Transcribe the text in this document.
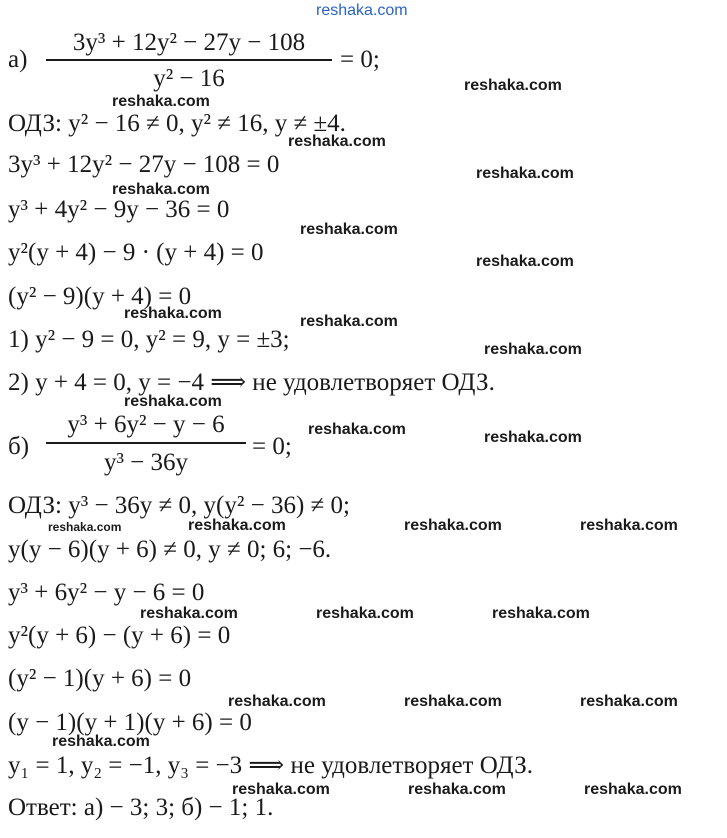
reshaka.com
а)
3y³ + 12y² − 27y − 108
y² − 16
= 0;
ОДЗ: y² − 16 ≠ 0, y² ≠ 16, y ≠ ±4.
3y³ + 12y² − 27y − 108 = 0
y³ + 4y² − 9y − 36 = 0
y²(y + 4) − 9 · (y + 4) = 0
(y² − 9)(y + 4) = 0
1) y² − 9 = 0, y² = 9, y = ±3;
2) y + 4 = 0, y = −4 ⟹ не удовлетворяет ОДЗ.
б)
y³ + 6y² − y − 6
y³ − 36y
= 0;
ОДЗ: y³ − 36y ≠ 0, y(y² − 36) ≠ 0;
y(y − 6)(y + 6) ≠ 0, y ≠ 0; 6; −6.
y³ + 6y² − y − 6 = 0
y²(y + 6) − (y + 6) = 0
(y² − 1)(y + 6) = 0
(y − 1)(y + 1)(y + 6) = 0
y₁ = 1, y₂ = −1, y₃ = −3 ⟹ не удовлетворяет ОДЗ.
Ответ: а) − 3; 3; б) − 1; 1.
reshaka.com
reshaka.com
reshaka.com
reshaka.com
reshaka.com
reshaka.com
reshaka.com
reshaka.com	reshaka.com
reshaka.com
reshaka.com
reshaka.com	reshaka.com
reshaka.com	reshaka.com	reshaka.com	reshaka.com
reshaka.com	reshaka.com	reshaka.com
reshaka.com	reshaka.com	reshaka.com
reshaka.com
reshaka.com	reshaka.com	reshaka.com
